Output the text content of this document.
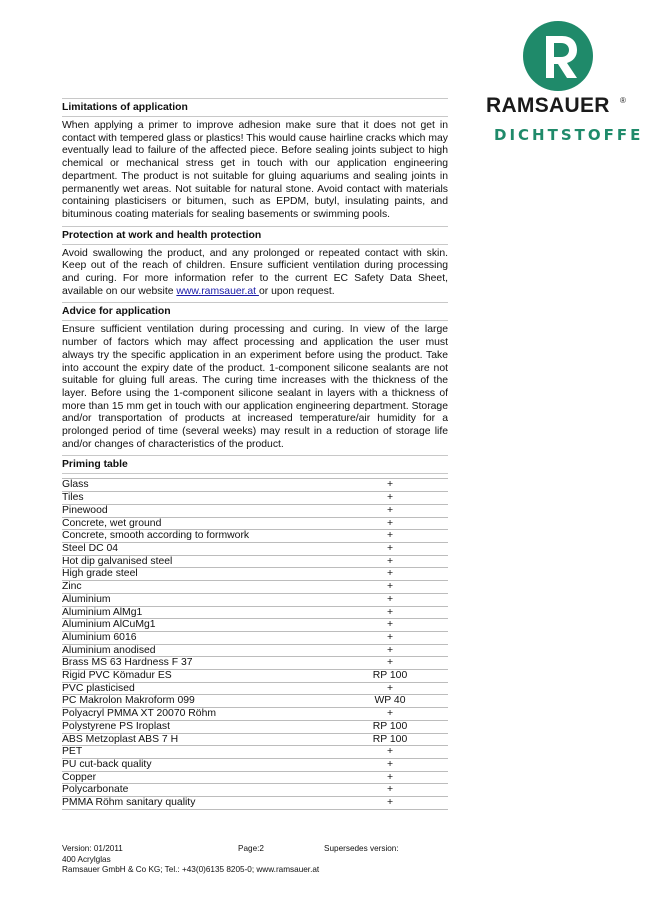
RAMSAUER	®
DICHTSTOFFE
Limitations of application

When applying a primer to improve adhesion make sure that it does not get in contact with tempered glass or plastics! This would cause hairline cracks which may eventually lead to failure of the affected piece. Before sealing joints subject to high chemical or mechanical stress get in touch with our application engineering department. The product is not suitable for gluing aquariums and sealing joints in permanently wet areas. Not suitable for natural stone. Avoid contact with materials containing plasticisers or bitumen, such as EPDM, butyl, insulating paints, and bituminous coating materials for sealing basements or swimming pools.

Protection at work and health protection

Avoid swallowing the product, and any prolonged or repeated contact with skin. Keep out of the reach of children. Ensure sufficient ventilation during processing and curing. For more information refer to the current EC Safety Data Sheet, available on our website www.ramsauer.at or upon request.

Advice for application

Ensure sufficient ventilation during processing and curing. In view of the large number of factors which may affect processing and application the user must always try the specific application in an experiment before using the product. Take into account the expiry date of the product. 1-component silicone sealants are not suitable for gluing full areas. The curing time increases with the thickness of the layer. Before using the 1-component silicone sealant in layers with a thickness of more than 15 mm get in touch with our application engineering department. Storage and/or transportation of products at increased temperature/air humidity for a prolonged period of time (several weeks) may result in a reduction of storage life and/or changes of characteristics of the product.

Priming table
Glass	+
Tiles	+
Pinewood	+
Concrete, wet ground	+
Concrete, smooth according to formwork	+
Steel DC 04	+
Hot dip galvanised steel	+
High grade steel	+
Zinc	+
Aluminium	+
Aluminium AlMg1	+
Aluminium AlCuMg1	+
Aluminium 6016	+
Aluminium anodised	+
Brass MS 63 Hardness F 37	+
Rigid PVC Kömadur ES	RP 100
PVC plasticised	+
PC Makrolon Makroform 099	WP 40
Polyacryl PMMA XT 20070 Röhm	+
Polystyrene PS Iroplast	RP 100
ABS Metzoplast ABS 7 H	RP 100
PET	+
PU cut-back quality	+
Copper	+
Polycarbonate	+
PMMA Röhm sanitary quality	+
Version: 01/2011	Page:2	Supersedes version:
400 Acrylglas
Ramsauer GmbH & Co KG; Tel.: +43(0)6135 8205-0; www.ramsauer.at
